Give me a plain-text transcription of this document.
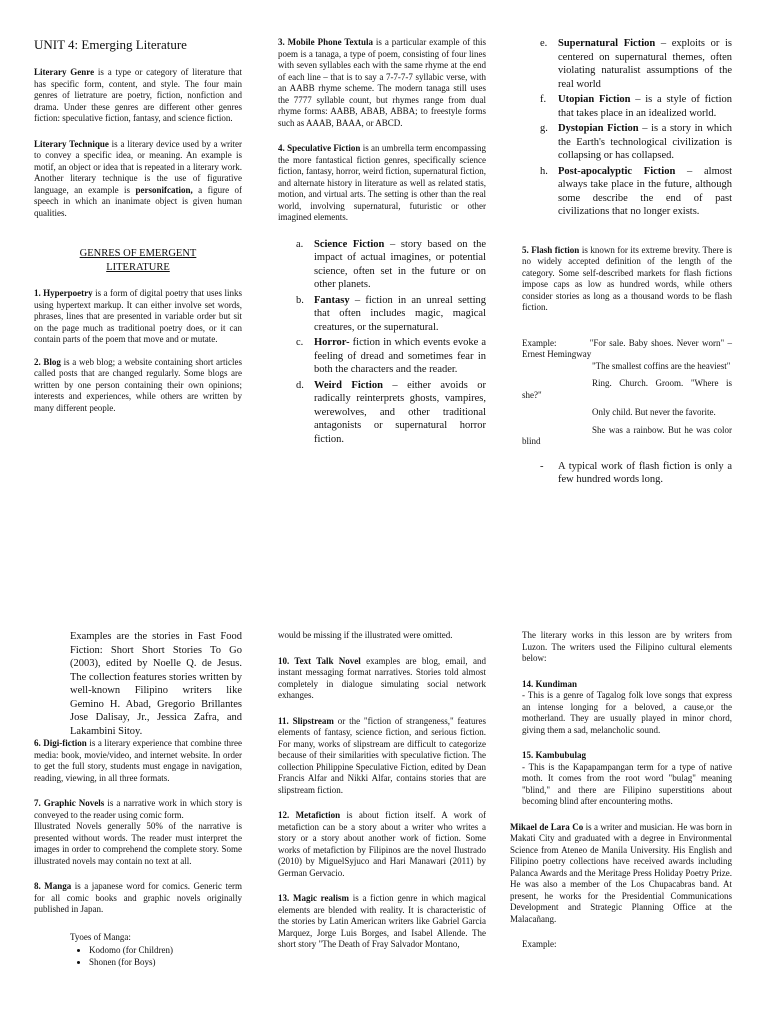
UNIT 4: Emerging Literature

Literary Genre is a type or category of literature that has specific form, content, and style. The four main genres of lietrature are poetry, fiction, nonfiction and drama. Under these genres are different other genres fiction: speculative fiction, fantasy, and science fiction.

Literary Technique is a literary device used by a writer to convey a specific idea, or meaning. An example is motif, an object or idea that is repeated in a literary work. Another literary technique is the use of figurative language, an example is personifcation, a figure of speech in which an inanimate object is given human qualities.

GENRES OF EMERGENT LITERATURE

1. Hyperpoetry is a form of digital poetry that uses links using hypertext markup. It can either involve set words, phrases, lines that are presented in variable order but sit on the page much as traditional poetry does, or it can contain parts of the poem that move and or mutate.

2. Blog is a web blog; a website containing short articles called posts that are changed regularly. Some blogs are written by one person containing their own opinions; interests and experiences, while others are written by many different people.

3. Mobile Phone Textula is a particular example of this poem is a tanaga, a type of poem, consisting of four lines with seven syllables each with the same rhyme at the end of each line – that is to say a 7-7-7-7 syllabic verse, with an AABB rhyme scheme. The modern tanaga still uses the 7777 syllable count, but rhymes range from dual rhyme forms: AABB, ABAB, ABBA; to freestyle forms such as AAAB, BAAA, or ABCD.

4. Speculative Fiction is an umbrella term encompassing the more fantastical fiction genres, specifically science fiction, fantasy, horror, weird fiction, supernatural fiction, and alternate history in literature as well as related statis, motion, and virtual arts. The setting is other than the real world, involving supernatural, futuristic or other imagined elements.

a. Science Fiction – story based on the impact of actual imagines, or potential science, often set in the future or on other planets.
b. Fantasy – fiction in an unreal setting that often includes magic, magical creatures, or the supernatural.
c. Horror- fiction in which events evoke a feeling of dread and sometimes fear in both the characters and the reader.
d. Weird Fiction – either avoids or radically reinterprets ghosts, vampires, werewolves, and other traditional antagonists or supernatural horror fiction.
e. Supernatural Fiction – exploits or is centered on supernatural themes, often violating naturalist assumptions of the real world
f. Utopian Fiction – is a style of fiction that takes place in an idealized world.
g. Dystopian Fiction – is a story in which the Earth's technological civilization is collapsing or has collapsed.
h. Post-apocalyptic Fiction – almost always take place in the future, although some describe the end of past civilizations that no longer exists.

5. Flash fiction is known for its extreme brevity. There is no widely accepted definition of the length of the category. Some self-described markets for flash fictions impose caps as low as hundred words, while others consider stories as long as a thousand words to be flash fiction.

Example:	"For sale. Baby shoes. Never worn" – Ernest Hemingway

"The smallest coffins are the heaviest"

Ring. Church. Groom. "Where is she?"

Only child. But never the favorite.

She was a rainbow. But he was color blind

- A typical work of flash fiction is only a few hundred words long.

Examples are the stories in Fast Food Fiction: Short Short Stories To Go (2003), edited by Noelle Q. de Jesus. The collection features stories written by well-known Filipino writers like Gemino H. Abad, Gregorio Brillantes Jose Dalisay, Jr., Jessica Zafra, and Lakambini Sitoy.

6. Digi-fiction is a literary experience that combine three media: book, movie/video, and internet website. In order to get the full story, students must engage in navigation, reading, viewing, in all three formats.

7. Graphic Novels is a narrative work in which story is conveyed to the reader using comic form.

Illustrated Novels generally 50% of the narrative is presented without words. The reader must interpret the images in order to comprehend the complete story. Some illustrated novels may contain no text at all.

8. Manga is a japanese word for comics. Generic term for all comic books and graphic novels originally published in Japan.

Tyoes of Manga:

• Kodomo (for Children)
• Shonen (for Boys)

would be missing if the illustrated were omitted.

10. Text Talk Novel examples are blog, email, and instant messaging format narratives. Stories told almost completely in dialogue simulating social network exhanges.

11. Slipstream or the "fiction of strangeness," features elements of fantasy, science fiction, and serious fiction. For many, works of slipstream are difficult to categorize because of their similarities with speculative fiction. The collection Philippine Speculative Fiction, edited by Dean Francis Alfar and Nikki Alfar, contains stories that are slipstream fiction.

12. Metafiction is about fiction itself. A work of metafiction can be a story about a writer who writes a story or a story about another work of fiction. Some works of metafiction by Filipinos are the novel Ilustrado (2010) by MiguelSyjuco and Hari Manawari (2011) by German Gervacio.

13. Magic realism is a fiction genre in which magical elements are blended with reality. It is characteristic of the stories by Latin American writers like Gabriel Garcia Marquez, Jorge Luis Borges, and Isabel Allende. The short story "The Death of Fray Salvador Montano,

The literary works in this lesson are by writers from Luzon. The writers used the Filipino cultural elements below:

14. Kundiman

- This is a genre of Tagalog folk love songs that express an intense longing for a beloved, a cause,or the motherland. They are usually played in minor chord, giving them a sad, melancholic sound.

15. Kambubulag

- This is the Kapapampangan term for a type of native moth. It comes from the root word "bulag" meaning "blind," and there are Filipino superstitions about becoming blind after encountering moths.

Mikael de Lara Co is a writer and musician. He was born in Makati City and graduated with a degree in Environmental Science from Ateneo de Manila University. His English and Filipino poetry collections have received awards including Palanca Awards and the Meritage Press Holiday Poetry Prize. He was also a member of the Los Chupacabras band. At present, he works for the Presidential Communications Development and Strategic Planning Office at the Malacañang.

Example:
